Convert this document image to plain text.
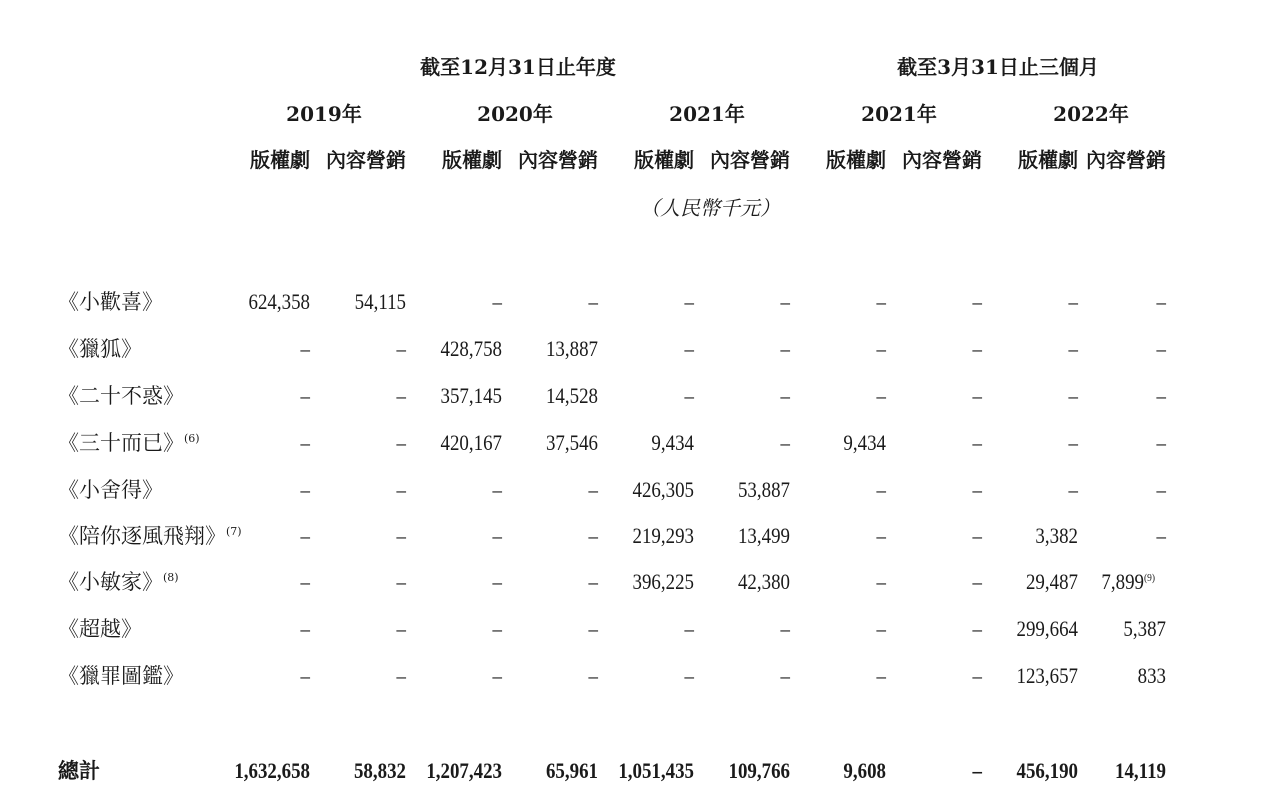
截至12月31日止年度	截至3月31日止三個月
2019年	2020年	2021年	2021年	2022年
版權劇 內容營銷	版權劇 內容營銷	版權劇 內容營銷	版權劇 內容營銷	版權劇 內容營銷
（人民幣千元）
《小歡喜》	624,358	54,115	–	–	–	–	–	–	–	–
《獵狐》	–	–	428,758	13,887	–	–	–	–	–	–
《二十不惑》	–	–	357,145	14,528	–	–	–	–	–	–
《三十而已》$^{(6)}$	–	–	420,167	37,546	9,434	–	9,434	–	–	–
《小舍得》	–	–	–	–	426,305	53,887	–	–	–	–
《陪你逐風飛翔》$^{(7)}$	–	–	–	–	219,293	13,499	–	–	3,382	–
《小敏家》$^{(8)}$	–	–	–	–	396,225	42,380	–	–	29,487	7,899 (9)
《超越》	–	–	–	–	–	–	–	–	299,664	5,387
《獵罪圖鑑》	–	–	–	–	–	–	–	–	123,657	833
總計	1,632,658	58,832 1,207,423	65,961 1,051,435	109,766	9,608	–	456,190	14,119
